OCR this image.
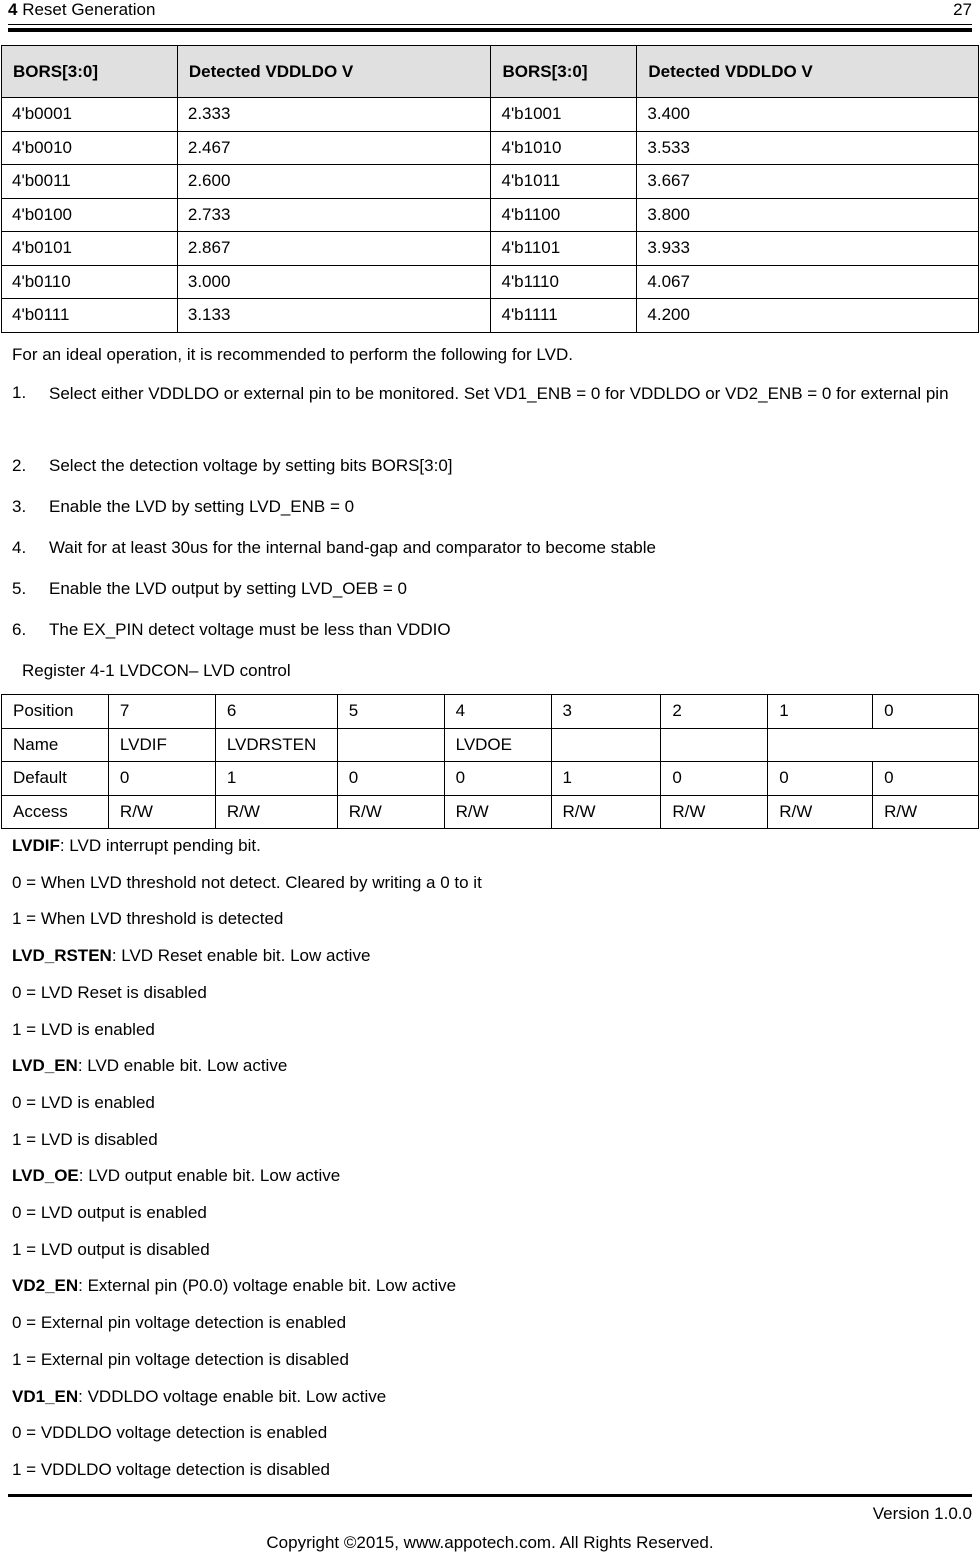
4 Reset Generation	27
BORS[3:0]	Detected VDDLDO V	BORS[3:0]	Detected VDDLDO V
4'b0001	2.333	4'b1001	3.400
4'b0010	2.467	4'b1010	3.533
4'b0011	2.600	4'b1011	3.667
4'b0100	2.733	4'b1100	3.800
4'b0101	2.867	4'b1101	3.933
4'b0110	3.000	4'b1110	4.067
4'b0111	3.133	4'b1111	4.200
For an ideal operation, it is recommended to perform the following for LVD.
1. Select either VDDLDO or external pin to be monitored. Set VD1_ENB = 0 for VDDLDO or VD2_ENB = 0 for external pin
2. Select the detection voltage by setting bits BORS[3:0]
3. Enable the LVD by setting LVD_ENB = 0
4. Wait for at least 30us for the internal band-gap and comparator to become stable
5. Enable the LVD output by setting LVD_OEB = 0
6. The EX_PIN detect voltage must be less than VDDIO
Register 4-1 LVDCON– LVD control
Position	7	6	5	4	3	2	1	0
Name	LVDIF	LVDRSTEN		LVDOE				
Default	0	1	0	0	1	0	0	0
Access	R/W	R/W	R/W	R/W	R/W	R/W	R/W	R/W
LVDIF: LVD interrupt pending bit.
0 = When LVD threshold not detect. Cleared by writing a 0 to it
1 = When LVD threshold is detected
LVD_RSTEN: LVD Reset enable bit. Low active
0 = LVD Reset is disabled
1 = LVD is enabled
LVD_EN: LVD enable bit. Low active
0 = LVD is enabled
1 = LVD is disabled
LVD_OE: LVD output enable bit. Low active
0 = LVD output is enabled
1 = LVD output is disabled
VD2_EN: External pin (P0.0) voltage enable bit. Low active
0 = External pin voltage detection is enabled
1 = External pin voltage detection is disabled
VD1_EN: VDDLDO voltage enable bit. Low active
0 = VDDLDO voltage detection is enabled
1 = VDDLDO voltage detection is disabled
Version 1.0.0
Copyright ©2015, www.appotech.com. All Rights Reserved.
